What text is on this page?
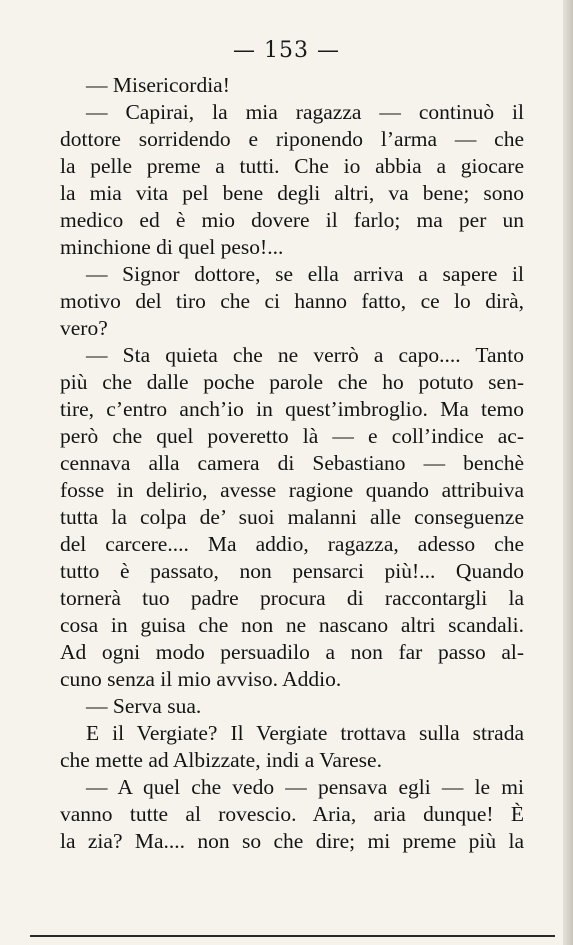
— 153 —
— Misericordia!
— Capirai, la mia ragazza — continuò il
dottore sorridendo e riponendo l’arma — che
la pelle preme a tutti. Che io abbia a giocare
la mia vita pel bene degli altri, va bene; sono
medico ed è mio dovere il farlo; ma per un
minchione di quel peso!...
— Signor dottore, se ella arriva a sapere il
motivo del tiro che ci hanno fatto, ce lo dirà,
vero?
— Sta quieta che ne verrò a capo.... Tanto
più che dalle poche parole che ho potuto sen-
tire, c’entro anch’io in quest’imbroglio. Ma temo
però che quel poveretto là — e coll’indice ac-
cennava alla camera di Sebastiano — benchè
fosse in delirio, avesse ragione quando attribuiva
tutta la colpa de’ suoi malanni alle conseguenze
del carcere.... Ma addio, ragazza, adesso che
tutto è passato, non pensarci più!... Quando
tornerà tuo padre procura di raccontargli la
cosa in guisa che non ne nascano altri scandali.
Ad ogni modo persuadilo a non far passo al-
cuno senza il mio avviso. Addio.
— Serva sua.
E il Vergiate? Il Vergiate trottava sulla strada
che mette ad Albizzate, indi a Varese.
— A quel che vedo — pensava egli — le mi
vanno tutte al rovescio. Aria, aria dunque! È
la zia? Ma.... non so che dire; mi preme più la
